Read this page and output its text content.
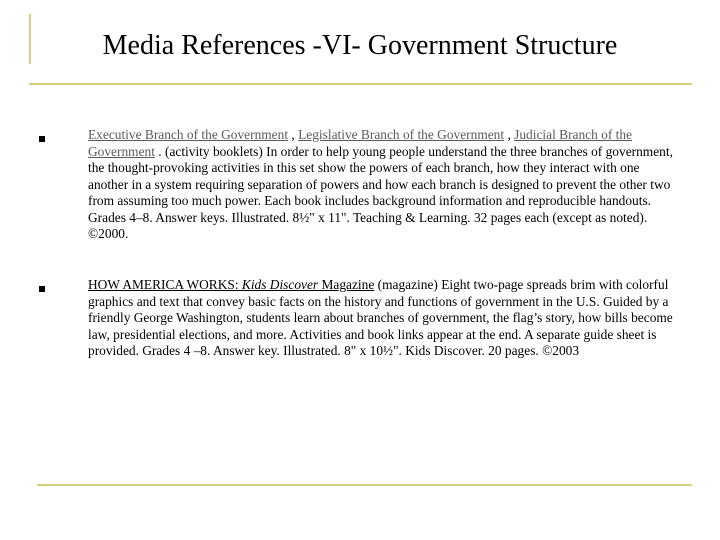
Media References -VI- Government Structure
Executive Branch of the Government , Legislative Branch of the Government , Judicial Branch of the Government . (activity booklets) In order to help young people understand the three branches of government, the thought-provoking activities in this set show the powers of each branch, how they interact with one another in a system requiring separation of powers and how each branch is designed to prevent the other two from assuming too much power. Each book includes background information and reproducible handouts. Grades 4–8. Answer keys. Illustrated. 8½" x 11". Teaching & Learning. 32 pages each (except as noted). ©2000.
HOW AMERICA WORKS: Kids Discover Magazine (magazine) Eight two-page spreads brim with colorful graphics and text that convey basic facts on the history and functions of government in the U.S. Guided by a friendly George Washington, students learn about branches of government, the flag’s story, how bills become law, presidential elections, and more. Activities and book links appear at the end. A separate guide sheet is provided. Grades 4 –8. Answer key. Illustrated. 8" x 10½". Kids Discover. 20 pages. ©2003
